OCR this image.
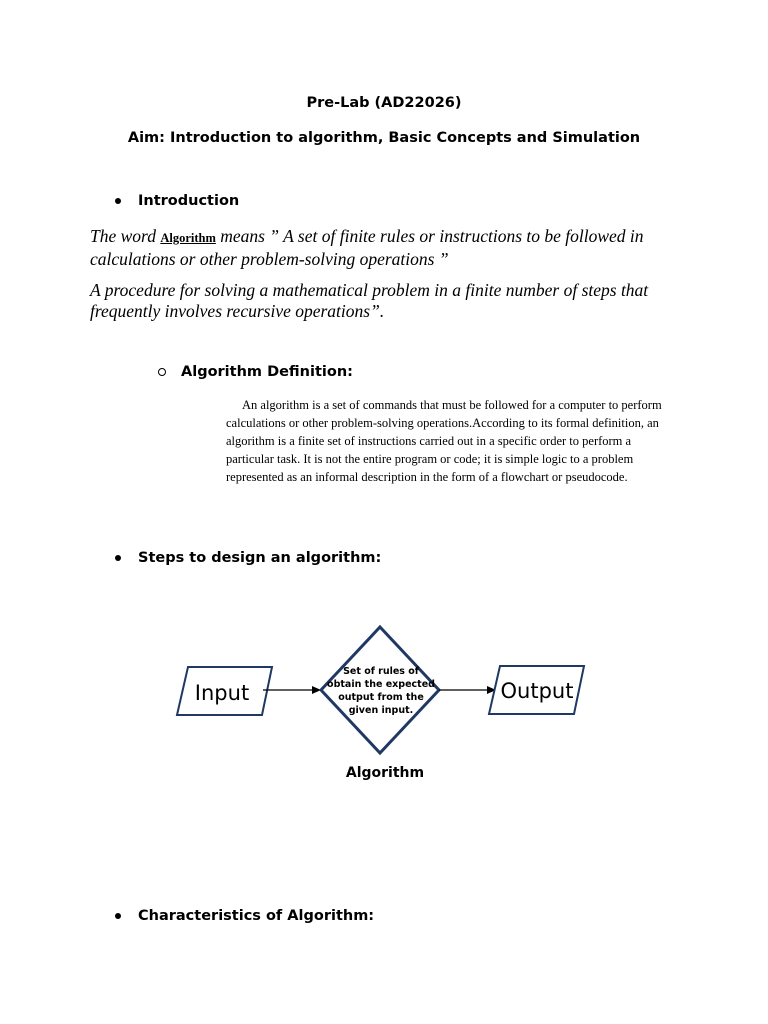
Pre-Lab (AD22026)
Aim: Introduction to algorithm, Basic Concepts and Simulation
Introduction
The word Algorithm means ” A set of finite rules or instructions to be followed in
calculations or other problem-solving operations ”
A procedure for solving a mathematical problem in a finite number of steps that
frequently involves recursive operations”.
Algorithm Definition:
An algorithm is a set of commands that must be followed for a computer to perform calculations or other problem-solving operations.According to its formal definition, an algorithm is a finite set of instructions carried out in a specific order to perform a particular task. It is not the entire program or code; it is simple logic to a problem represented as an informal description in the form of a flowchart or pseudocode.
Steps to design an algorithm:
Input
Set of rules of
obtain the expected
output from the
given input.
Output
Algorithm
Characteristics of Algorithm:
